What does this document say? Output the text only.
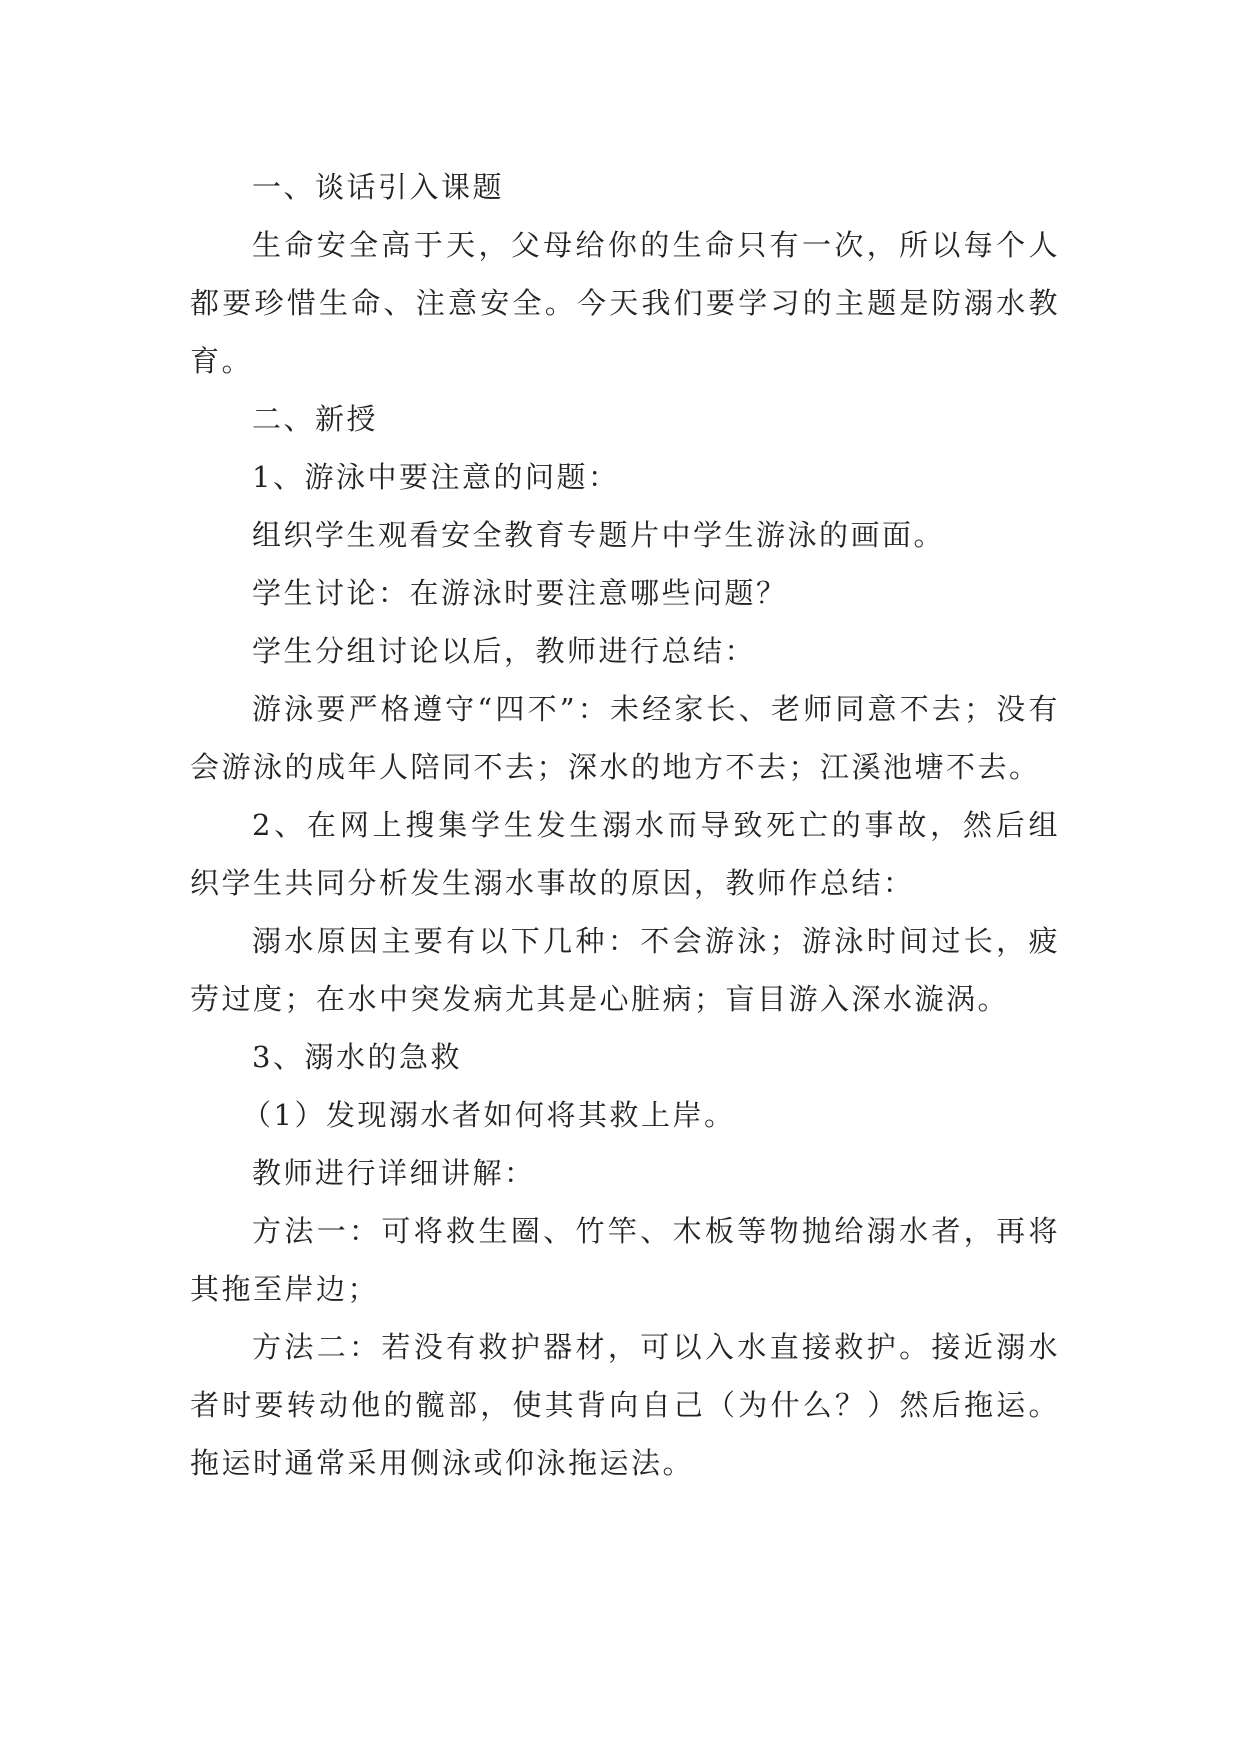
一、谈话引入课题

生命安全高于天，父母给你的生命只有一次，所以每个人都要珍惜生命、注意安全。今天我们要学习的主题是防溺水教育。

二、新授

1、游泳中要注意的问题：

组织学生观看安全教育专题片中学生游泳的画面。

学生讨论：在游泳时要注意哪些问题？

学生分组讨论以后，教师进行总结：

游泳要严格遵守“四不”：未经家长、老师同意不去；没有会游泳的成年人陪同不去；深水的地方不去；江溪池塘不去。

2、在网上搜集学生发生溺水而导致死亡的事故，然后组织学生共同分析发生溺水事故的原因，教师作总结：

溺水原因主要有以下几种：不会游泳；游泳时间过长，疲劳过度；在水中突发病尤其是心脏病；盲目游入深水漩涡。

3、溺水的急救

（1）发现溺水者如何将其救上岸。

教师进行详细讲解：

方法一：可将救生圈、竹竿、木板等物抛给溺水者，再将其拖至岸边；

方法二：若没有救护器材，可以入水直接救护。接近溺水者时要转动他的髋部，使其背向自己（为什么？）然后拖运。拖运时通常采用侧泳或仰泳拖运法。
